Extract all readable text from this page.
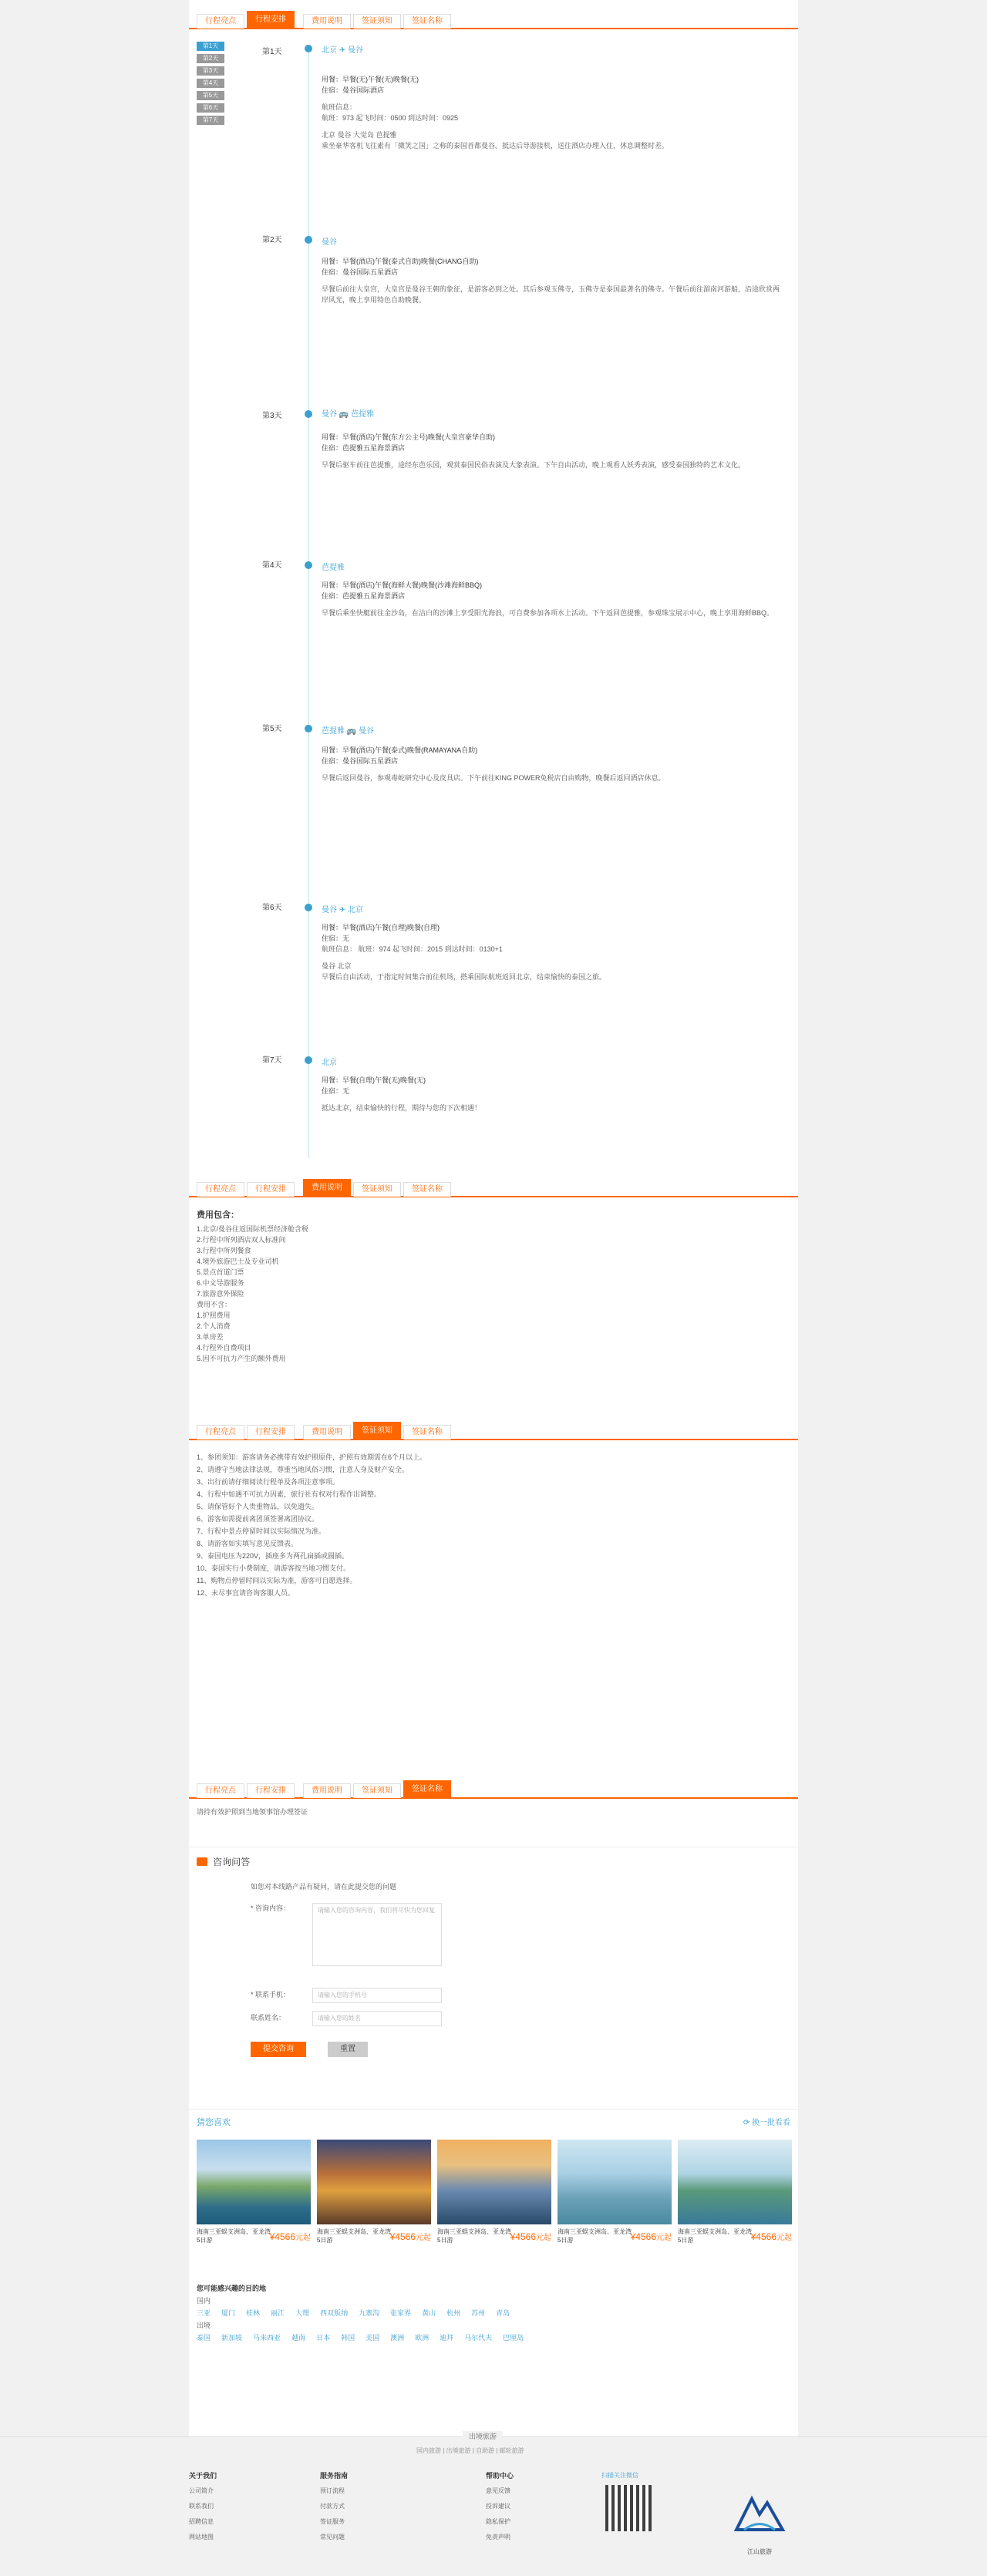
行程亮点	行程安排	费用说明	签证须知	签证名称
第1天
第2天
第3天
第4天
第5天
第6天
第7天
第1天	北京 ✈ 曼谷

用餐：早餐(无)午餐(无)晚餐(无)
住宿：曼谷国际酒店

航班信息：
航班：973 起飞时间：0500 到达时间：0925

北京 曼谷 大觉岛 芭提雅
乘坐豪华客机飞往素有「微笑之国」之称的泰国首都曼谷。抵达后导游接机，送往酒店办理入住，休息调整时差。

第2天	曼谷

用餐：早餐(酒店)午餐(泰式自助)晚餐(CHANG自助)
住宿：曼谷国际五星酒店

早餐后前往大皇宫，大皇宫是曼谷王朝的象征，是游客必到之处。其后参观玉佛寺，玉佛寺是泰国最著名的佛寺。午餐后前往湄南河游船，沿途欣赏两岸风光，晚上享用特色自助晚餐。

第3天	曼谷 🚌 芭提雅

用餐：早餐(酒店)午餐(东方公主号)晚餐(大皇宫豪华自助)
住宿：芭提雅五星海景酒店

早餐后驱车前往芭提雅，途经东芭乐园，观赏泰国民俗表演及大象表演。下午自由活动，晚上观看人妖秀表演，感受泰国独特的艺术文化。

第4天	芭提雅

用餐：早餐(酒店)午餐(海鲜大餐)晚餐(沙滩海鲜BBQ)
住宿：芭提雅五星海景酒店

早餐后乘坐快艇前往金沙岛，在洁白的沙滩上享受阳光海浪，可自费参加各项水上活动。下午返回芭提雅，参观珠宝展示中心，晚上享用海鲜BBQ。

第5天	芭提雅 🚌 曼谷

用餐：早餐(酒店)午餐(泰式)晚餐(RAMAYANA自助)
住宿：曼谷国际五星酒店

早餐后返回曼谷，参观毒蛇研究中心及皮具店。下午前往KING POWER免税店自由购物，晚餐后返回酒店休息。

第6天	曼谷 ✈ 北京

用餐：早餐(酒店)午餐(自理)晚餐(自理)
住宿：无
航班信息： 航班：974 起飞时间：2015 到达时间：0130+1

曼谷 北京
早餐后自由活动，于指定时间集合前往机场，搭乘国际航班返回北京，结束愉快的泰国之旅。

第7天	北京

用餐：早餐(自理)午餐(无)晚餐(无)
住宿：无

抵达北京，结束愉快的行程，期待与您的下次相遇！

行程亮点	行程安排	费用说明	签证须知	签证名称
费用包含：
1.北京/曼谷往返国际机票经济舱含税
2.行程中所列酒店双人标准间
3.行程中所列餐食
4.境外旅游巴士及专业司机
5.景点首道门票
6.中文导游服务
7.旅游意外保险
费用不含：
1.护照费用
2.个人消费
3.单房差
4.行程外自费项目
5.因不可抗力产生的额外费用
行程亮点	行程安排	费用说明	签证须知	签证名称
1、参团须知：游客请务必携带有效护照原件，护照有效期需在6个月以上。
2、请遵守当地法律法规，尊重当地风俗习惯，注意人身及财产安全。
3、出行前请仔细阅读行程单及各项注意事项。
4、行程中如遇不可抗力因素，旅行社有权对行程作出调整。
5、请保管好个人贵重物品，以免遗失。
6、游客如需提前离团须签署离团协议。
7、行程中景点停留时间以实际情况为准。
8、请游客如实填写意见反馈表。
9、泰国电压为220V，插座多为两孔扁插或圆插。
10、泰国实行小费制度，请游客按当地习惯支付。
11、购物点停留时间以实际为准，游客可自愿选择。
12、未尽事宜请咨询客服人员。
行程亮点	行程安排	费用说明	签证须知	签证名称
请持有效护照到当地领事馆办理签证
咨询问答
如您对本线路产品有疑问，请在此提交您的问题
* 咨询内容：	请输入您的咨询内容，我们将尽快为您回复
* 联系手机：	请输入您的手机号
联系姓名：	请输入您的姓名
提交咨询	重置
猜您喜欢	⟳ 换一批看看
海南三亚蜈支洲岛、亚龙湾5日游	¥4566元起
海南三亚蜈支洲岛、亚龙湾5日游	¥4566元起
海南三亚蜈支洲岛、亚龙湾5日游	¥4566元起
海南三亚蜈支洲岛、亚龙湾5日游	¥4566元起
海南三亚蜈支洲岛、亚龙湾5日游	¥4566元起
您可能感兴趣的目的地
国内
三亚 厦门 桂林 丽江 大理 西双版纳 九寨沟 张家界 黄山 杭州 苏州 青岛
出境
泰国 新加坡 马来西亚 越南 日本 韩国 美国 澳洲 欧洲 迪拜 马尔代夫 巴厘岛
出境旅游
国内旅游 | 出境旅游 | 自助游 | 邮轮旅游
关于我们
公司简介
联系我们
招聘信息
网站地图
服务指南
预订流程
付款方式
签证服务
常见问题
帮助中心
意见反馈
投诉建议
隐私保护
免责声明
扫描关注微信
江山旅游
